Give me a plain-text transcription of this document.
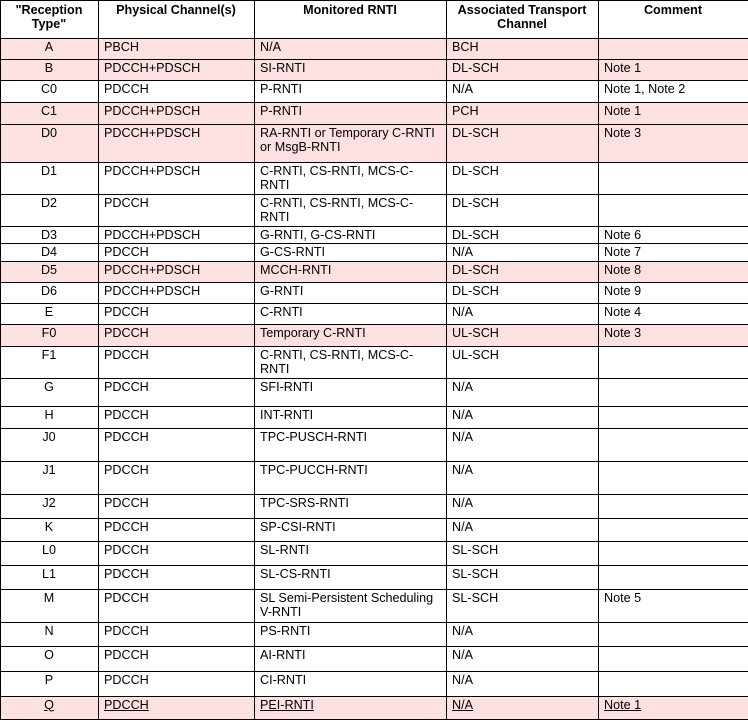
"Reception Type"	Physical Channel(s)	Monitored RNTI	Associated Transport Channel	Comment
A	PBCH	N/A	BCH	
B	PDCCH+PDSCH	SI-RNTI	DL-SCH	Note 1
C0	PDCCH	P-RNTI	N/A	Note 1, Note 2
C1	PDCCH+PDSCH	P-RNTI	PCH	Note 1
D0	PDCCH+PDSCH	RA-RNTI or Temporary C-RNTI or MsgB-RNTI	DL-SCH	Note 3
D1	PDCCH+PDSCH	C-RNTI, CS-RNTI, MCS-C-RNTI	DL-SCH	
D2	PDCCH	C-RNTI, CS-RNTI, MCS-C-RNTI	DL-SCH	
D3	PDCCH+PDSCH	G-RNTI, G-CS-RNTI	DL-SCH	Note 6
D4	PDCCH	G-CS-RNTI	N/A	Note 7
D5	PDCCH+PDSCH	MCCH-RNTI	DL-SCH	Note 8
D6	PDCCH+PDSCH	G-RNTI	DL-SCH	Note 9
E	PDCCH	C-RNTI	N/A	Note 4
F0	PDCCH	Temporary C-RNTI	UL-SCH	Note 3
F1	PDCCH	C-RNTI, CS-RNTI, MCS-C-RNTI	UL-SCH	
G	PDCCH	SFI-RNTI	N/A	
H	PDCCH	INT-RNTI	N/A	
J0	PDCCH	TPC-PUSCH-RNTI	N/A	
J1	PDCCH	TPC-PUCCH-RNTI	N/A	
J2	PDCCH	TPC-SRS-RNTI	N/A	
K	PDCCH	SP-CSI-RNTI	N/A	
L0	PDCCH	SL-RNTI	SL-SCH	
L1	PDCCH	SL-CS-RNTI	SL-SCH	
M	PDCCH	SL Semi-Persistent Scheduling V-RNTI	SL-SCH	Note 5
N	PDCCH	PS-RNTI	N/A	
O	PDCCH	AI-RNTI	N/A	
P	PDCCH	CI-RNTI	N/A	
Q	PDCCH	PEI-RNTI	N/A	Note 1
